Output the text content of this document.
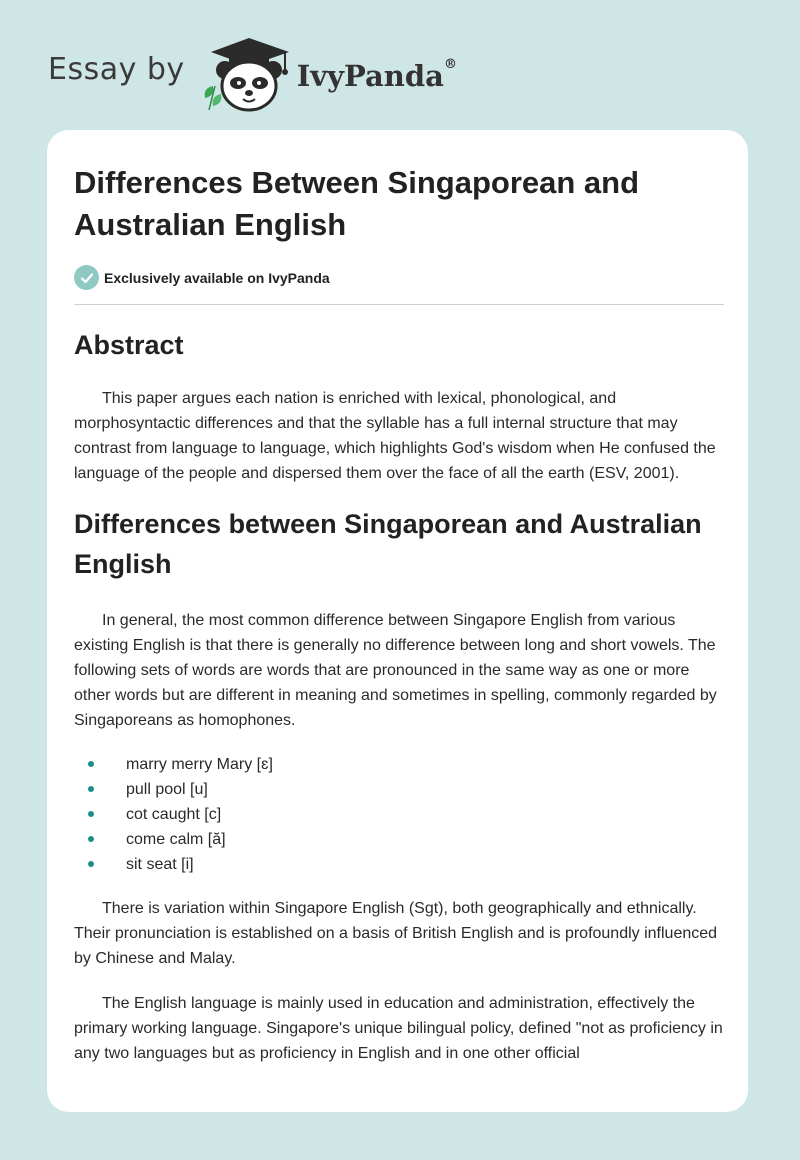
Essay by	IvyPanda®
Differences Between Singaporean and Australian English
Exclusively available on IvyPanda
Abstract

This paper argues each nation is enriched with lexical, phonological, and morphosyntactic differences and that the syllable has a full internal structure that may contrast from language to language, which highlights God's wisdom when He confused the language of the people and dispersed them over the face of all the earth (ESV, 2001).

Differences between Singaporean and Australian English

In general, the most common difference between Singapore English from various existing English is that there is generally no difference between long and short vowels. The following sets of words are words that are pronounced in the same way as one or more other words but are different in meaning and sometimes in spelling, commonly regarded by Singaporeans as homophones.

marry merry Mary [ɛ]
pull pool [u]
cot caught [c]
come calm [ă]
sit seat [i]

There is variation within Singapore English (Sgt), both geographically and ethnically. Their pronunciation is established on a basis of British English and is profoundly influenced by Chinese and Malay.

The English language is mainly used in education and administration, effectively the primary working language. Singapore's unique bilingual policy, defined "not as proficiency in any two languages but as proficiency in English and in one other official
